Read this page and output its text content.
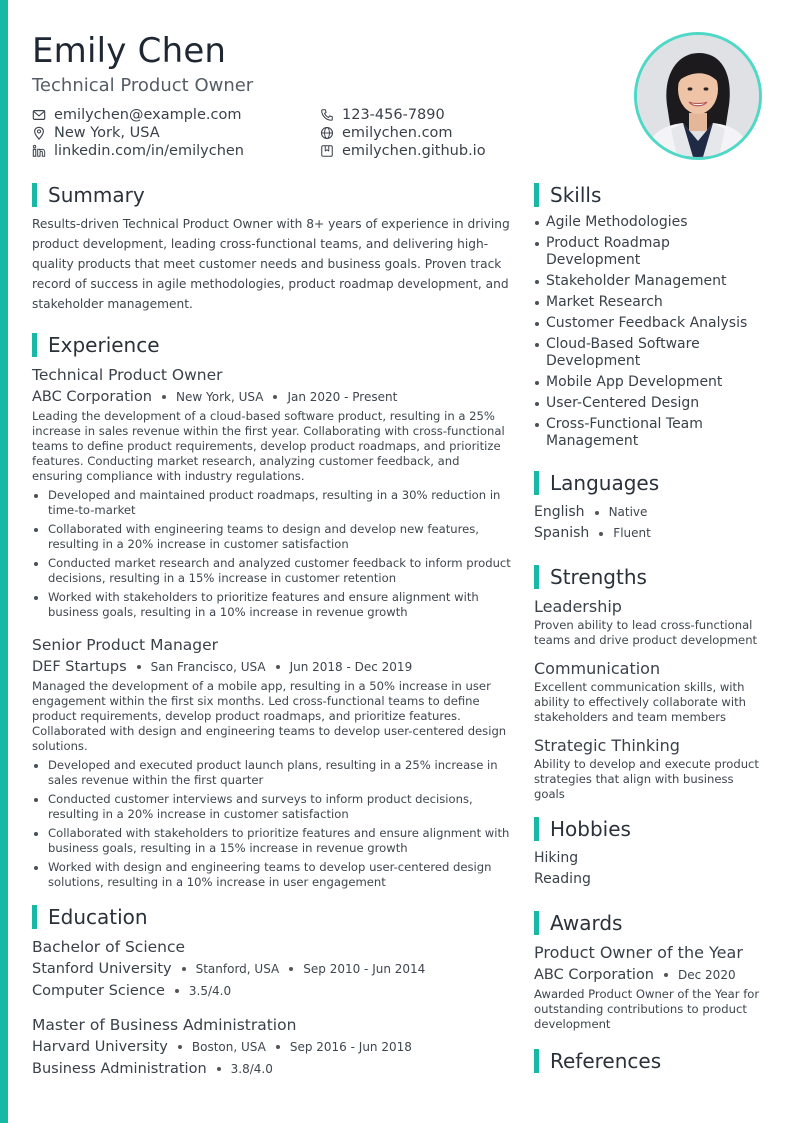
Emily Chen
Technical Product Owner
emilychen@example.com	123-456-7890
New York, USA	emilychen.com
linkedin.com/in/emilychen	emilychen.github.io
Summary

Results-driven Technical Product Owner with 8+ years of experience in driving product development, leading cross-functional teams, and delivering high-quality products that meet customer needs and business goals. Proven track record of success in agile methodologies, product roadmap development, and stakeholder management.

Experience
Technical Product Owner
ABC Corporation New York, USA Jan 2020 - Present

Leading the development of a cloud-based software product, resulting in a 25% increase in sales revenue within the first year. Collaborating with cross-functional teams to define product requirements, develop product roadmaps, and prioritize features. Conducting market research, analyzing customer feedback, and ensuring compliance with industry regulations.

Developed and maintained product roadmaps, resulting in a 30% reduction in time-to-market
Collaborated with engineering teams to design and develop new features, resulting in a 20% increase in customer satisfaction
Conducted market research and analyzed customer feedback to inform product decisions, resulting in a 15% increase in customer retention
Worked with stakeholders to prioritize features and ensure alignment with business goals, resulting in a 10% increase in revenue growth
Senior Product Manager
DEF Startups San Francisco, USA Jun 2018 - Dec 2019

Managed the development of a mobile app, resulting in a 50% increase in user engagement within the first six months. Led cross-functional teams to define product requirements, develop product roadmaps, and prioritize features. Collaborated with design and engineering teams to develop user-centered design solutions.

Developed and executed product launch plans, resulting in a 25% increase in sales revenue within the first quarter
Conducted customer interviews and surveys to inform product decisions, resulting in a 20% increase in customer satisfaction
Collaborated with stakeholders to prioritize features and ensure alignment with business goals, resulting in a 15% increase in revenue growth
Worked with design and engineering teams to develop user-centered design solutions, resulting in a 10% increase in user engagement
Education
Bachelor of Science
Stanford University Stanford, USA Sep 2010 - Jun 2014
Computer Science 3.5/4.0
Master of Business Administration
Harvard University Boston, USA Sep 2016 - Jun 2018
Business Administration 3.8/4.0
Skills
Agile Methodologies
Product Roadmap Development
Stakeholder Management
Market Research
Customer Feedback Analysis
Cloud-Based Software Development
Mobile App Development
User-Centered Design
Cross-Functional Team Management
Languages
English Native
Spanish Fluent
Strengths
Leadership
Proven ability to lead cross-functional teams and drive product development
Communication
Excellent communication skills, with ability to effectively collaborate with stakeholders and team members
Strategic Thinking
Ability to develop and execute product strategies that align with business goals
Hobbies
Hiking
Reading
Awards
Product Owner of the Year
ABC Corporation Dec 2020
Awarded Product Owner of the Year for outstanding contributions to product development
References
